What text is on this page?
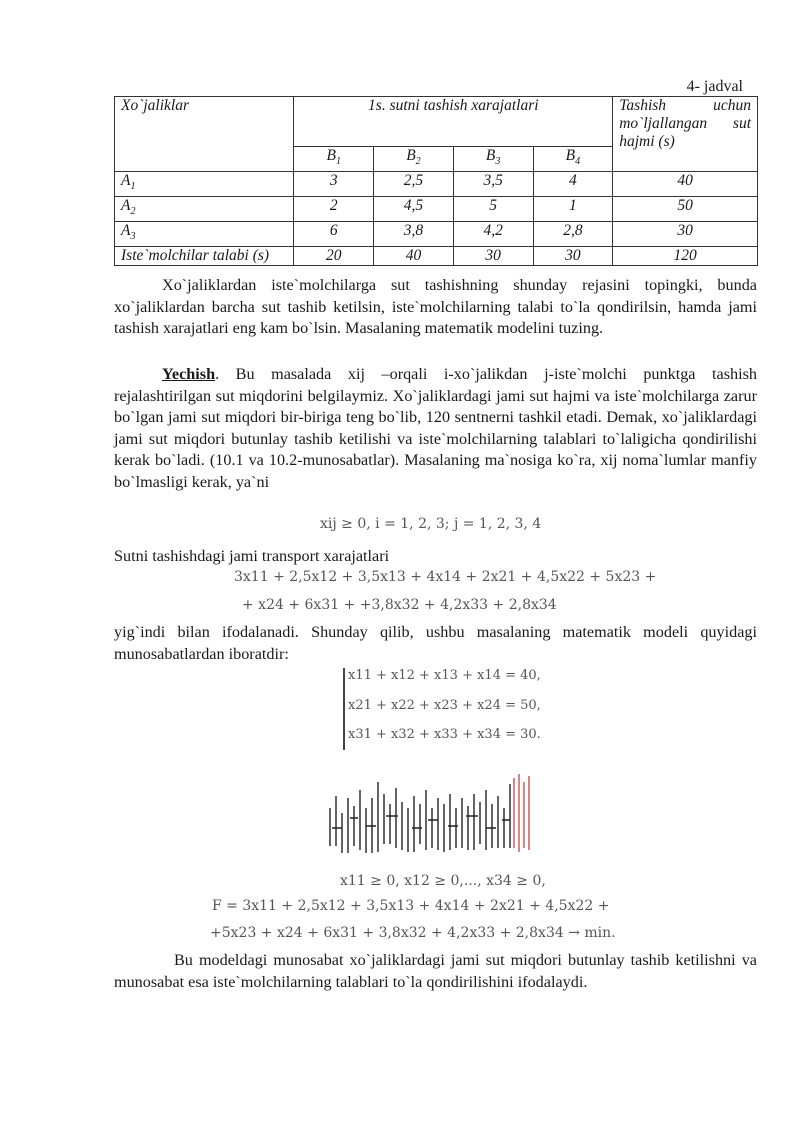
4- jadval
Xo`jaliklar	1s. sutni tashish xarajatlari				Tashish uchun mo`ljallangan sut hajmi (s)
	$B_1$	$B_2$	$B_3$	$B_4$
$A_1$	3	2,5	3,5	4	40
$A_2$	2	4,5	5	1	50
$A_3$	6	3,8	4,2	2,8	30
Iste`molchilar talabi (s)	20	40	30	30	120
Xo`jaliklardan iste`molchilarga sut tashishning shunday rejasini topingki, bunda xo`jaliklardan barcha sut tashib ketilsin, iste`molchilarning talabi to`la qondirilsin, hamda jami tashish xarajatlari eng kam bo`lsin. Masalaning matematik modelini tuzing.
Yechish. Bu masalada xij –orqali i-xo`jalikdan j-iste`molchi punktga tashish rejalashtirilgan sut miqdorini belgilaymiz. Xo`jaliklardagi jami sut hajmi va iste`molchilarga zarur bo`lgan jami sut miqdori bir-biriga teng bo`lib, 120 sentnerni tashkil etadi. Demak, xo`jaliklardagi jami sut miqdori butunlay tashib ketilishi va iste`molchilarning talablari to`laligicha qondirilishi kerak bo`ladi. (10.1 va 10.2-munosabatlar). Masalaning ma`nosiga ko`ra, xij noma`lumlar manfiy bo`lmasligi kerak, ya`ni
xij ≥ 0, i = 1, 2, 3; j = 1, 2, 3, 4
Sutni tashishdagi jami transport xarajatlari
3x11 + 2,5x12 + 3,5x13 + 4x14 + 2x21 + 4,5x22 + 5x23 +
+ x24 + 6x31 + +3,8x32 + 4,2x33 + 2,8x34
yig`indi bilan ifodalanadi. Shunday qilib, ushbu masalaning matematik modeli quyidagi munosabatlardan iboratdir:
x11 + x12 + x13 + x14 = 40,
x21 + x22 + x23 + x24 = 50,
x31 + x32 + x33 + x34 = 30.
x11 ≥ 0, x12 ≥ 0,..., x34 ≥ 0,
F = 3x11 + 2,5x12 + 3,5x13 + 4x14 + 2x21 + 4,5x22 +
+5x23 + x24 + 6x31 + 3,8x32 + 4,2x33 + 2,8x34 → min.
Bu modeldagi munosabat xo`jaliklardagi jami sut miqdori butunlay tashib ketilishni va munosabat esa iste`molchilarning talablari to`la qondirilishini ifodalaydi.
